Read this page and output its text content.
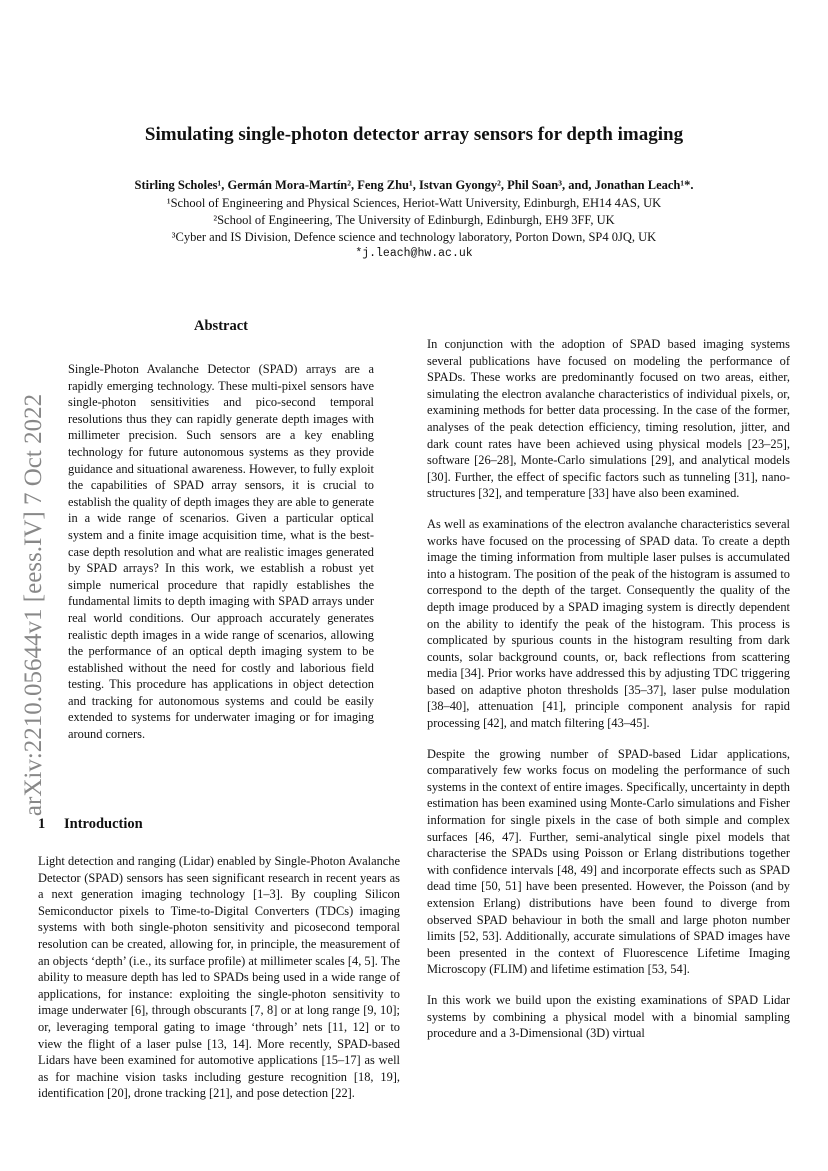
Simulating single-photon detector array sensors for depth imaging
Stirling Scholes¹, Germán Mora-Martín², Feng Zhu¹, Istvan Gyongy², Phil Soan³, and, Jonathan Leach¹*.
¹School of Engineering and Physical Sciences, Heriot-Watt University, Edinburgh, EH14 4AS, UK
²School of Engineering, The University of Edinburgh, Edinburgh, EH9 3FF, UK
³Cyber and IS Division, Defence science and technology laboratory, Porton Down, SP4 0JQ, UK
*j.leach@hw.ac.uk
arXiv:2210.05644v1 [eess.IV] 7 Oct 2022
Abstract
Single-Photon Avalanche Detector (SPAD) arrays are a rapidly emerging technology. These multi-pixel sensors have single-photon sensitivities and pico-second temporal resolutions thus they can rapidly generate depth images with millimeter precision. Such sensors are a key enabling technology for future autonomous systems as they provide guidance and situational awareness. However, to fully exploit the capabilities of SPAD array sensors, it is crucial to establish the quality of depth images they are able to generate in a wide range of scenarios. Given a particular optical system and a finite image acquisition time, what is the best-case depth resolution and what are realistic images generated by SPAD arrays? In this work, we establish a robust yet simple numerical procedure that rapidly establishes the fundamental limits to depth imaging with SPAD arrays under real world conditions. Our approach accurately generates realistic depth images in a wide range of scenarios, allowing the performance of an optical depth imaging system to be established without the need for costly and laborious field testing. This procedure has applications in object detection and tracking for autonomous systems and could be easily extended to systems for underwater imaging or for imaging around corners.
1 Introduction

Light detection and ranging (Lidar) enabled by Single-Photon Avalanche Detector (SPAD) sensors has seen significant research in recent years as a next generation imaging technology [1–3]. By coupling Silicon Semiconductor pixels to Time-to-Digital Converters (TDCs) imaging systems with both single-photon sensitivity and picosecond temporal resolution can be created, allowing for, in principle, the measurement of an objects ‘depth’ (i.e., its surface profile) at millimeter scales [4, 5]. The ability to measure depth has led to SPADs being used in a wide range of applications, for instance: exploiting the single-photon sensitivity to image underwater [6], through obscurants [7, 8] or at long range [9, 10]; or, leveraging temporal gating to image ‘through’ nets [11, 12] or to view the flight of a laser pulse [13, 14]. More recently, SPAD-based Lidars have been examined for automotive applications [15–17] as well as for machine vision tasks including gesture recognition [18, 19], identification [20], drone tracking [21], and pose detection [22].

In conjunction with the adoption of SPAD based imaging systems several publications have focused on modeling the performance of SPADs. These works are predominantly focused on two areas, either, simulating the electron avalanche characteristics of individual pixels, or, examining methods for better data processing. In the case of the former, analyses of the peak detection efficiency, timing resolution, jitter, and dark count rates have been achieved using physical models [23–25], software [26–28], Monte-Carlo simulations [29], and analytical models [30]. Further, the effect of specific factors such as tunneling [31], nano-structures [32], and temperature [33] have also been examined.

As well as examinations of the electron avalanche characteristics several works have focused on the processing of SPAD data. To create a depth image the timing information from multiple laser pulses is accumulated into a histogram. The position of the peak of the histogram is assumed to correspond to the depth of the target. Consequently the quality of the depth image produced by a SPAD imaging system is directly dependent on the ability to identify the peak of the histogram. This process is complicated by spurious counts in the histogram resulting from dark counts, solar background counts, or, back reflections from scattering media [34]. Prior works have addressed this by adjusting TDC triggering based on adaptive photon thresholds [35–37], laser pulse modulation [38–40], attenuation [41], principle component analysis for rapid processing [42], and match filtering [43–45].

Despite the growing number of SPAD-based Lidar applications, comparatively few works focus on modeling the performance of such systems in the context of entire images. Specifically, uncertainty in depth estimation has been examined using Monte-Carlo simulations and Fisher information for single pixels in the case of both simple and complex surfaces [46, 47]. Further, semi-analytical single pixel models that characterise the SPADs using Poisson or Erlang distributions together with confidence intervals [48, 49] and incorporate effects such as SPAD dead time [50, 51] have been presented. However, the Poisson (and by extension Erlang) distributions have been found to diverge from observed SPAD behaviour in both the small and large photon number limits [52, 53]. Additionally, accurate simulations of SPAD images have been presented in the context of Fluorescence Lifetime Imaging Microscopy (FLIM) and lifetime estimation [53, 54].

In this work we build upon the existing examinations of SPAD Lidar systems by combining a physical model with a binomial sampling procedure and a 3-Dimensional (3D) virtual
